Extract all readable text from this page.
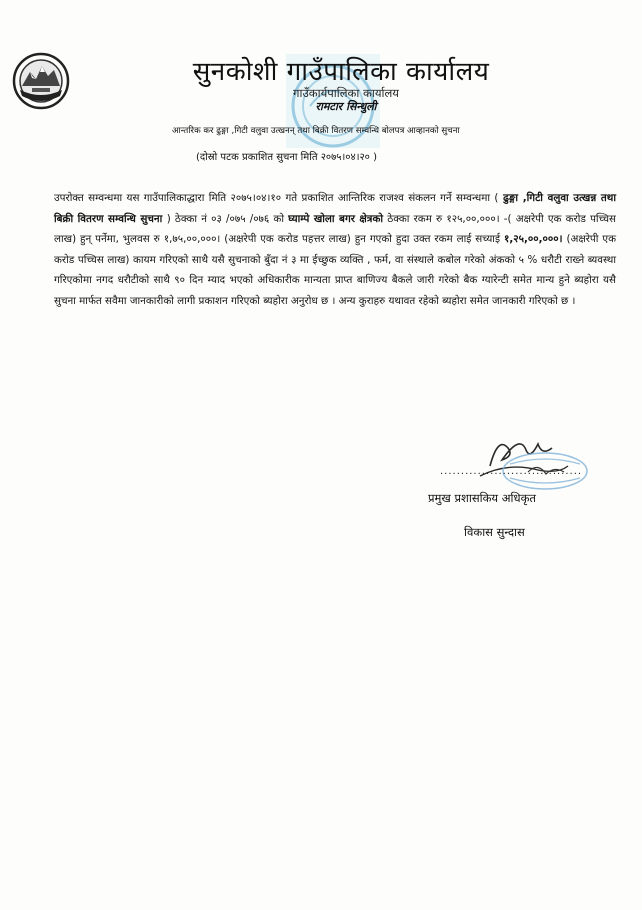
सुनकोशी गाउँपालिका कार्यालय
गाउँकार्यपालिका कार्यालय
रामटार सिन्धुली
आन्तरिक कर ढुङ्गा ,गिटी वलुवा उत्खनन् तथा बिक्री वितरण सम्वन्धि बोलपत्र आव्हानको सुचना
(दोस्रो पटक प्रकाशित सुचना मिति २०७५।०४।२० )
उपरोक्त सम्वन्धमा यस गाउँपालिकाद्धारा मिति २०७५।०४।१० गते प्रकाशित आन्तिरिक राजश्व संकलन गर्ने सम्वन्धमा ( ढुङ्गा ,गिटी वलुवा उत्खन्न तथा बिक्री वितरण सम्वन्धि सुचना ) ठेक्का नं ०३ /०७५ /०७६ को घ्याम्पे खोला बगर क्षेत्रको ठेक्का रकम रु १२५,००,०००। -( अक्षरेपी एक करोड पच्चिस लाख) हुन् पर्नेमा, भुलवस रु १,७५,००,०००। (अक्षरेपी एक करोड पहत्तर लाख) हुन गएको हुदा उक्त रकम लाई सच्याई १,२५,००,०००। (अक्षरेपी एक करोड पच्चिस लाख) कायम गरिएको साथै यसै सुचनाको बुँदा नं ३ मा ईच्छुक व्यक्ति , फर्म, वा संस्थाले कबोल गरेको अंकको ५ % धरौटी राख्ने ब्यवस्था गरिएकोमा नगद धरौटीको साथै ९० दिन म्याद भएको अधिकारीक मान्यता प्राप्त बाणिज्य बैकले जारी गरेको बैक ग्यारेन्टी समेत मान्य हुने ब्यहोरा यसै सुचना मार्फत सवैमा जानकारीको लागी प्रकाशन गरिएको ब्यहोरा अनुरोध छ । अन्य कुराहरु यथावत रहेको ब्यहोरा समेत जानकारी गरिएको छ ।
..................................
प्रमुख प्रशासकिय अधिकृत
विकास सुन्दास
